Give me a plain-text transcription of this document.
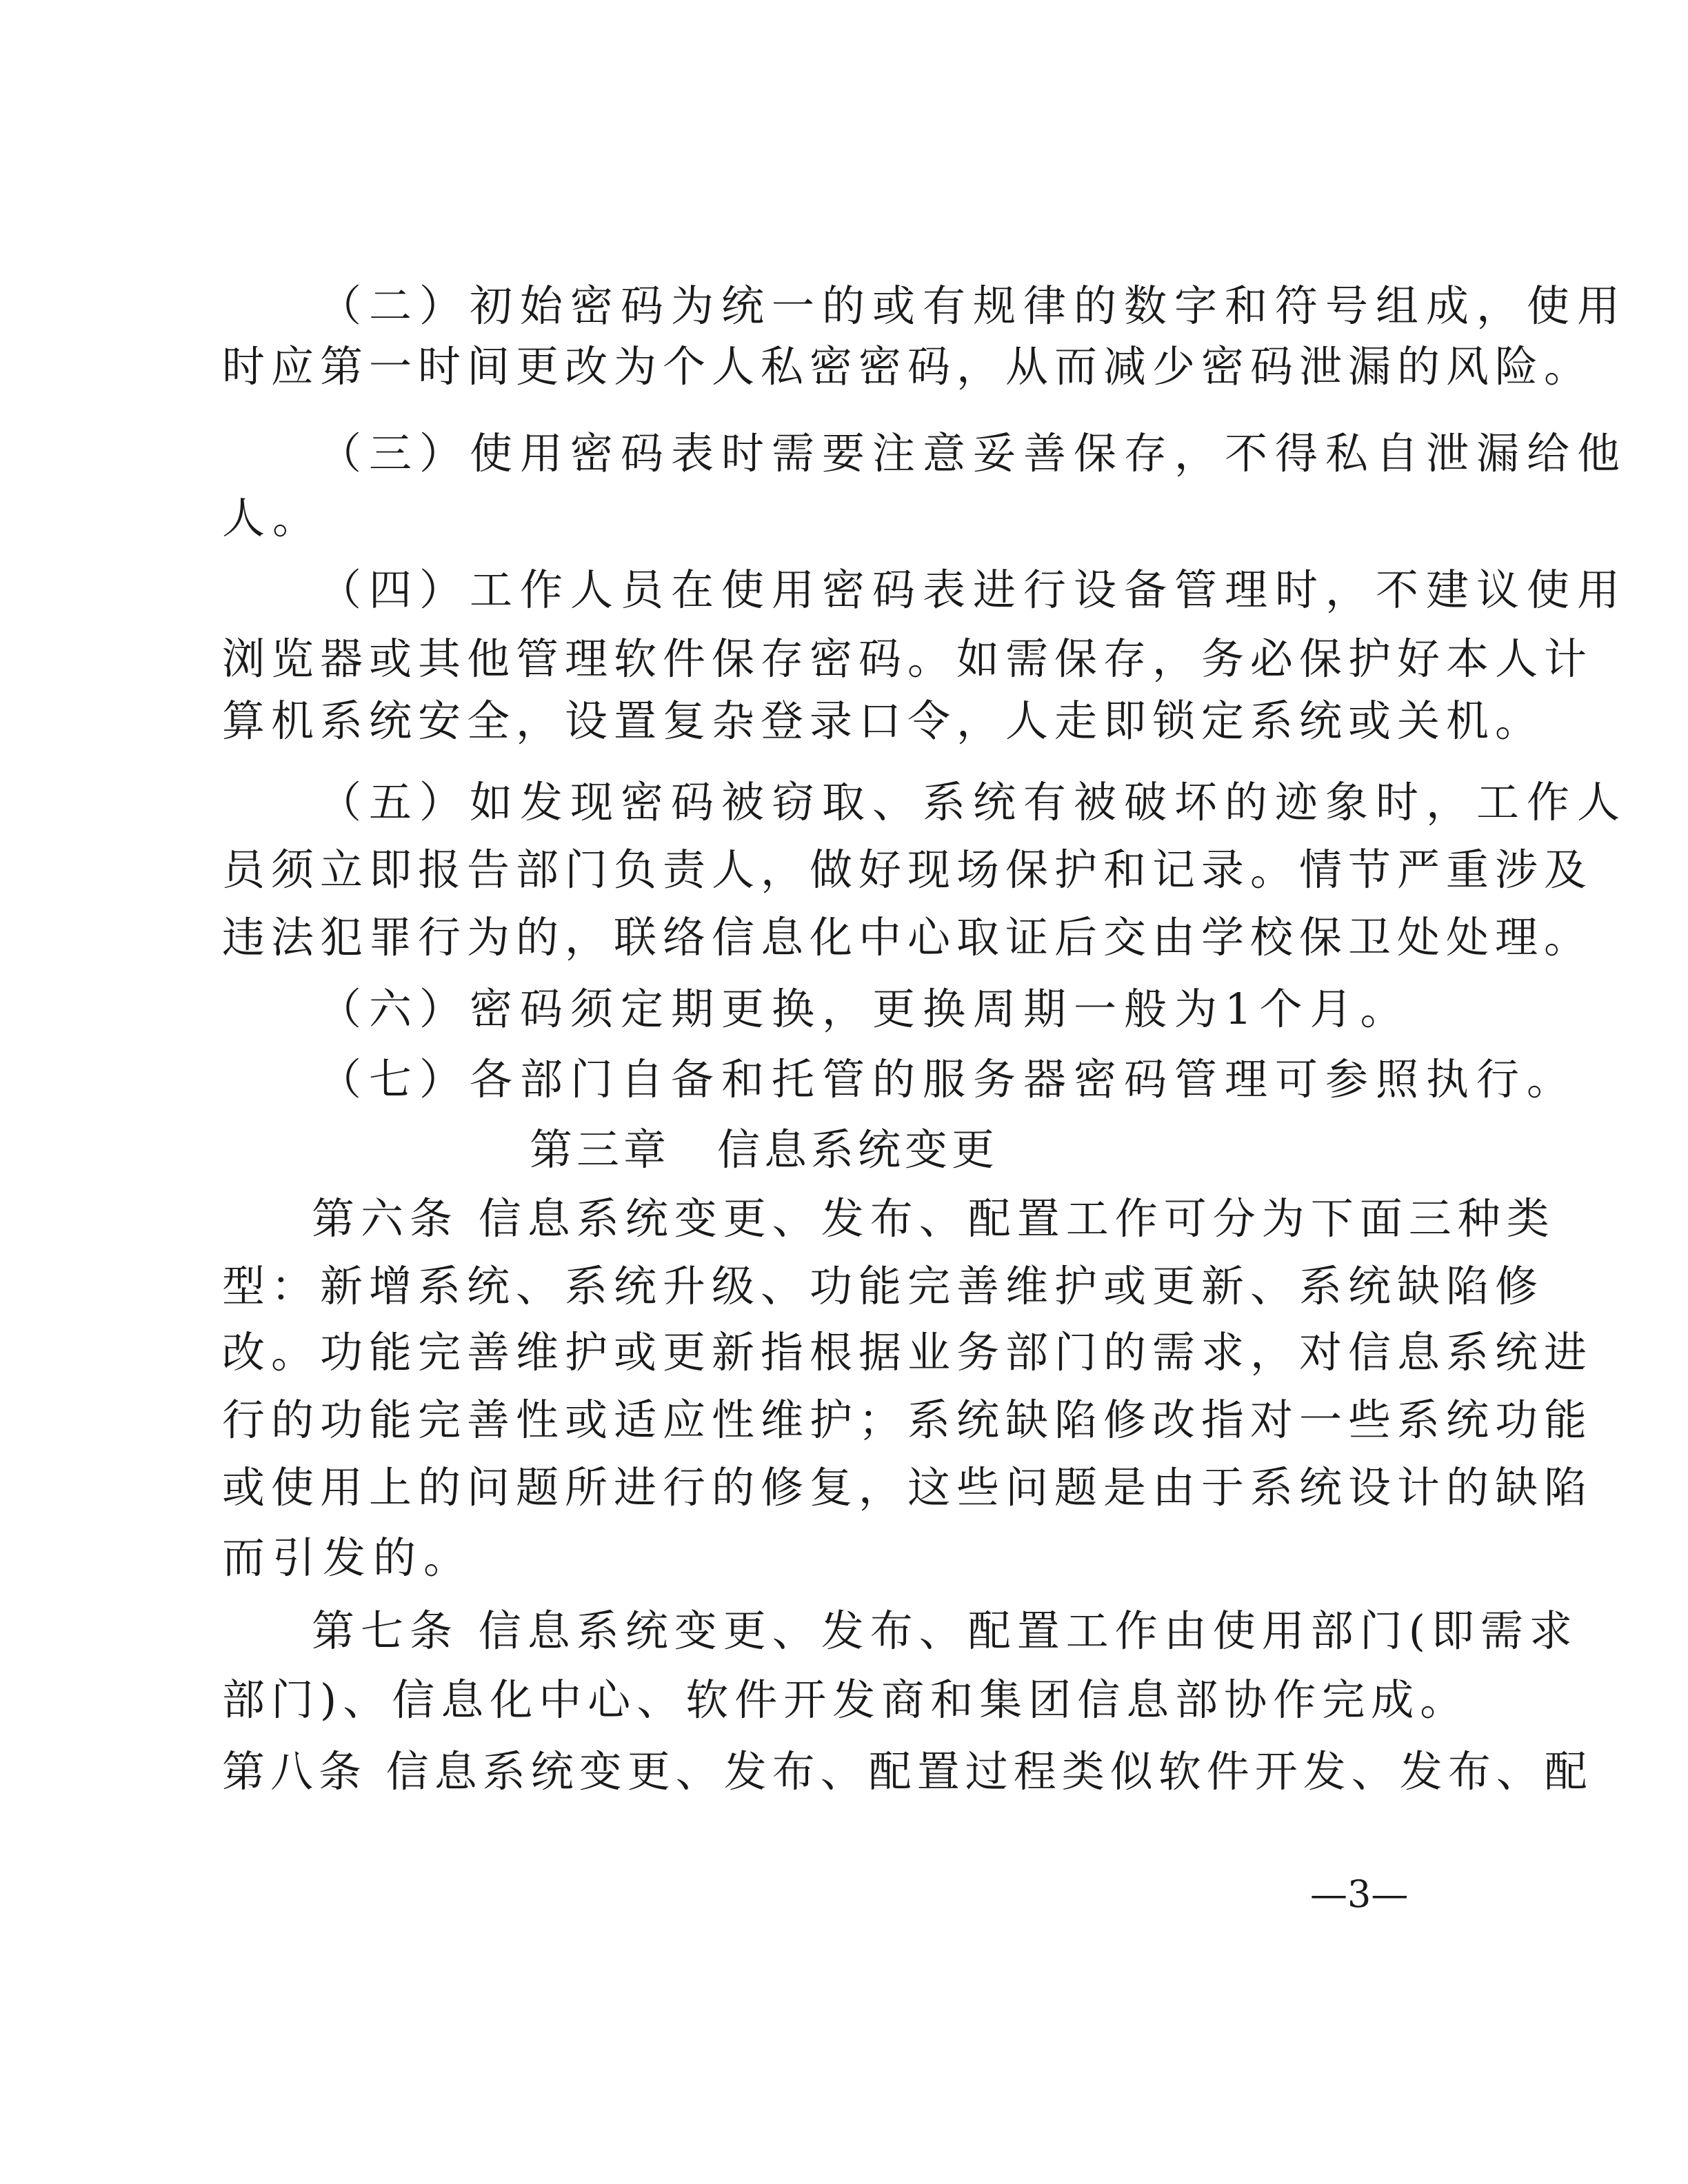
（二）初始密码为统一的或有规律的数字和符号组成，使用
时应第一时间更改为个人私密密码，从而减少密码泄漏的风险。
（三）使用密码表时需要注意妥善保存，不得私自泄漏给他
人。
（四）工作人员在使用密码表进行设备管理时，不建议使用
浏览器或其他管理软件保存密码。如需保存，务必保护好本人计
算机系统安全，设置复杂登录口令，人走即锁定系统或关机。
（五）如发现密码被窃取、系统有被破坏的迹象时，工作人
员须立即报告部门负责人，做好现场保护和记录。情节严重涉及
违法犯罪行为的，联络信息化中心取证后交由学校保卫处处理。
（六）密码须定期更换，更换周期一般为1个月。
（七）各部门自备和托管的服务器密码管理可参照执行。
第三章　信息系统变更
第六条 信息系统变更、发布、配置工作可分为下面三种类
型：新增系统、系统升级、功能完善维护或更新、系统缺陷修
改。功能完善维护或更新指根据业务部门的需求，对信息系统进
行的功能完善性或适应性维护；系统缺陷修改指对一些系统功能
或使用上的问题所进行的修复，这些问题是由于系统设计的缺陷
而引发的。
第七条 信息系统变更、发布、配置工作由使用部门(即需求
部门)、信息化中心、软件开发商和集团信息部协作完成。
第八条 信息系统变更、发布、配置过程类似软件开发、发布、配
—3—
